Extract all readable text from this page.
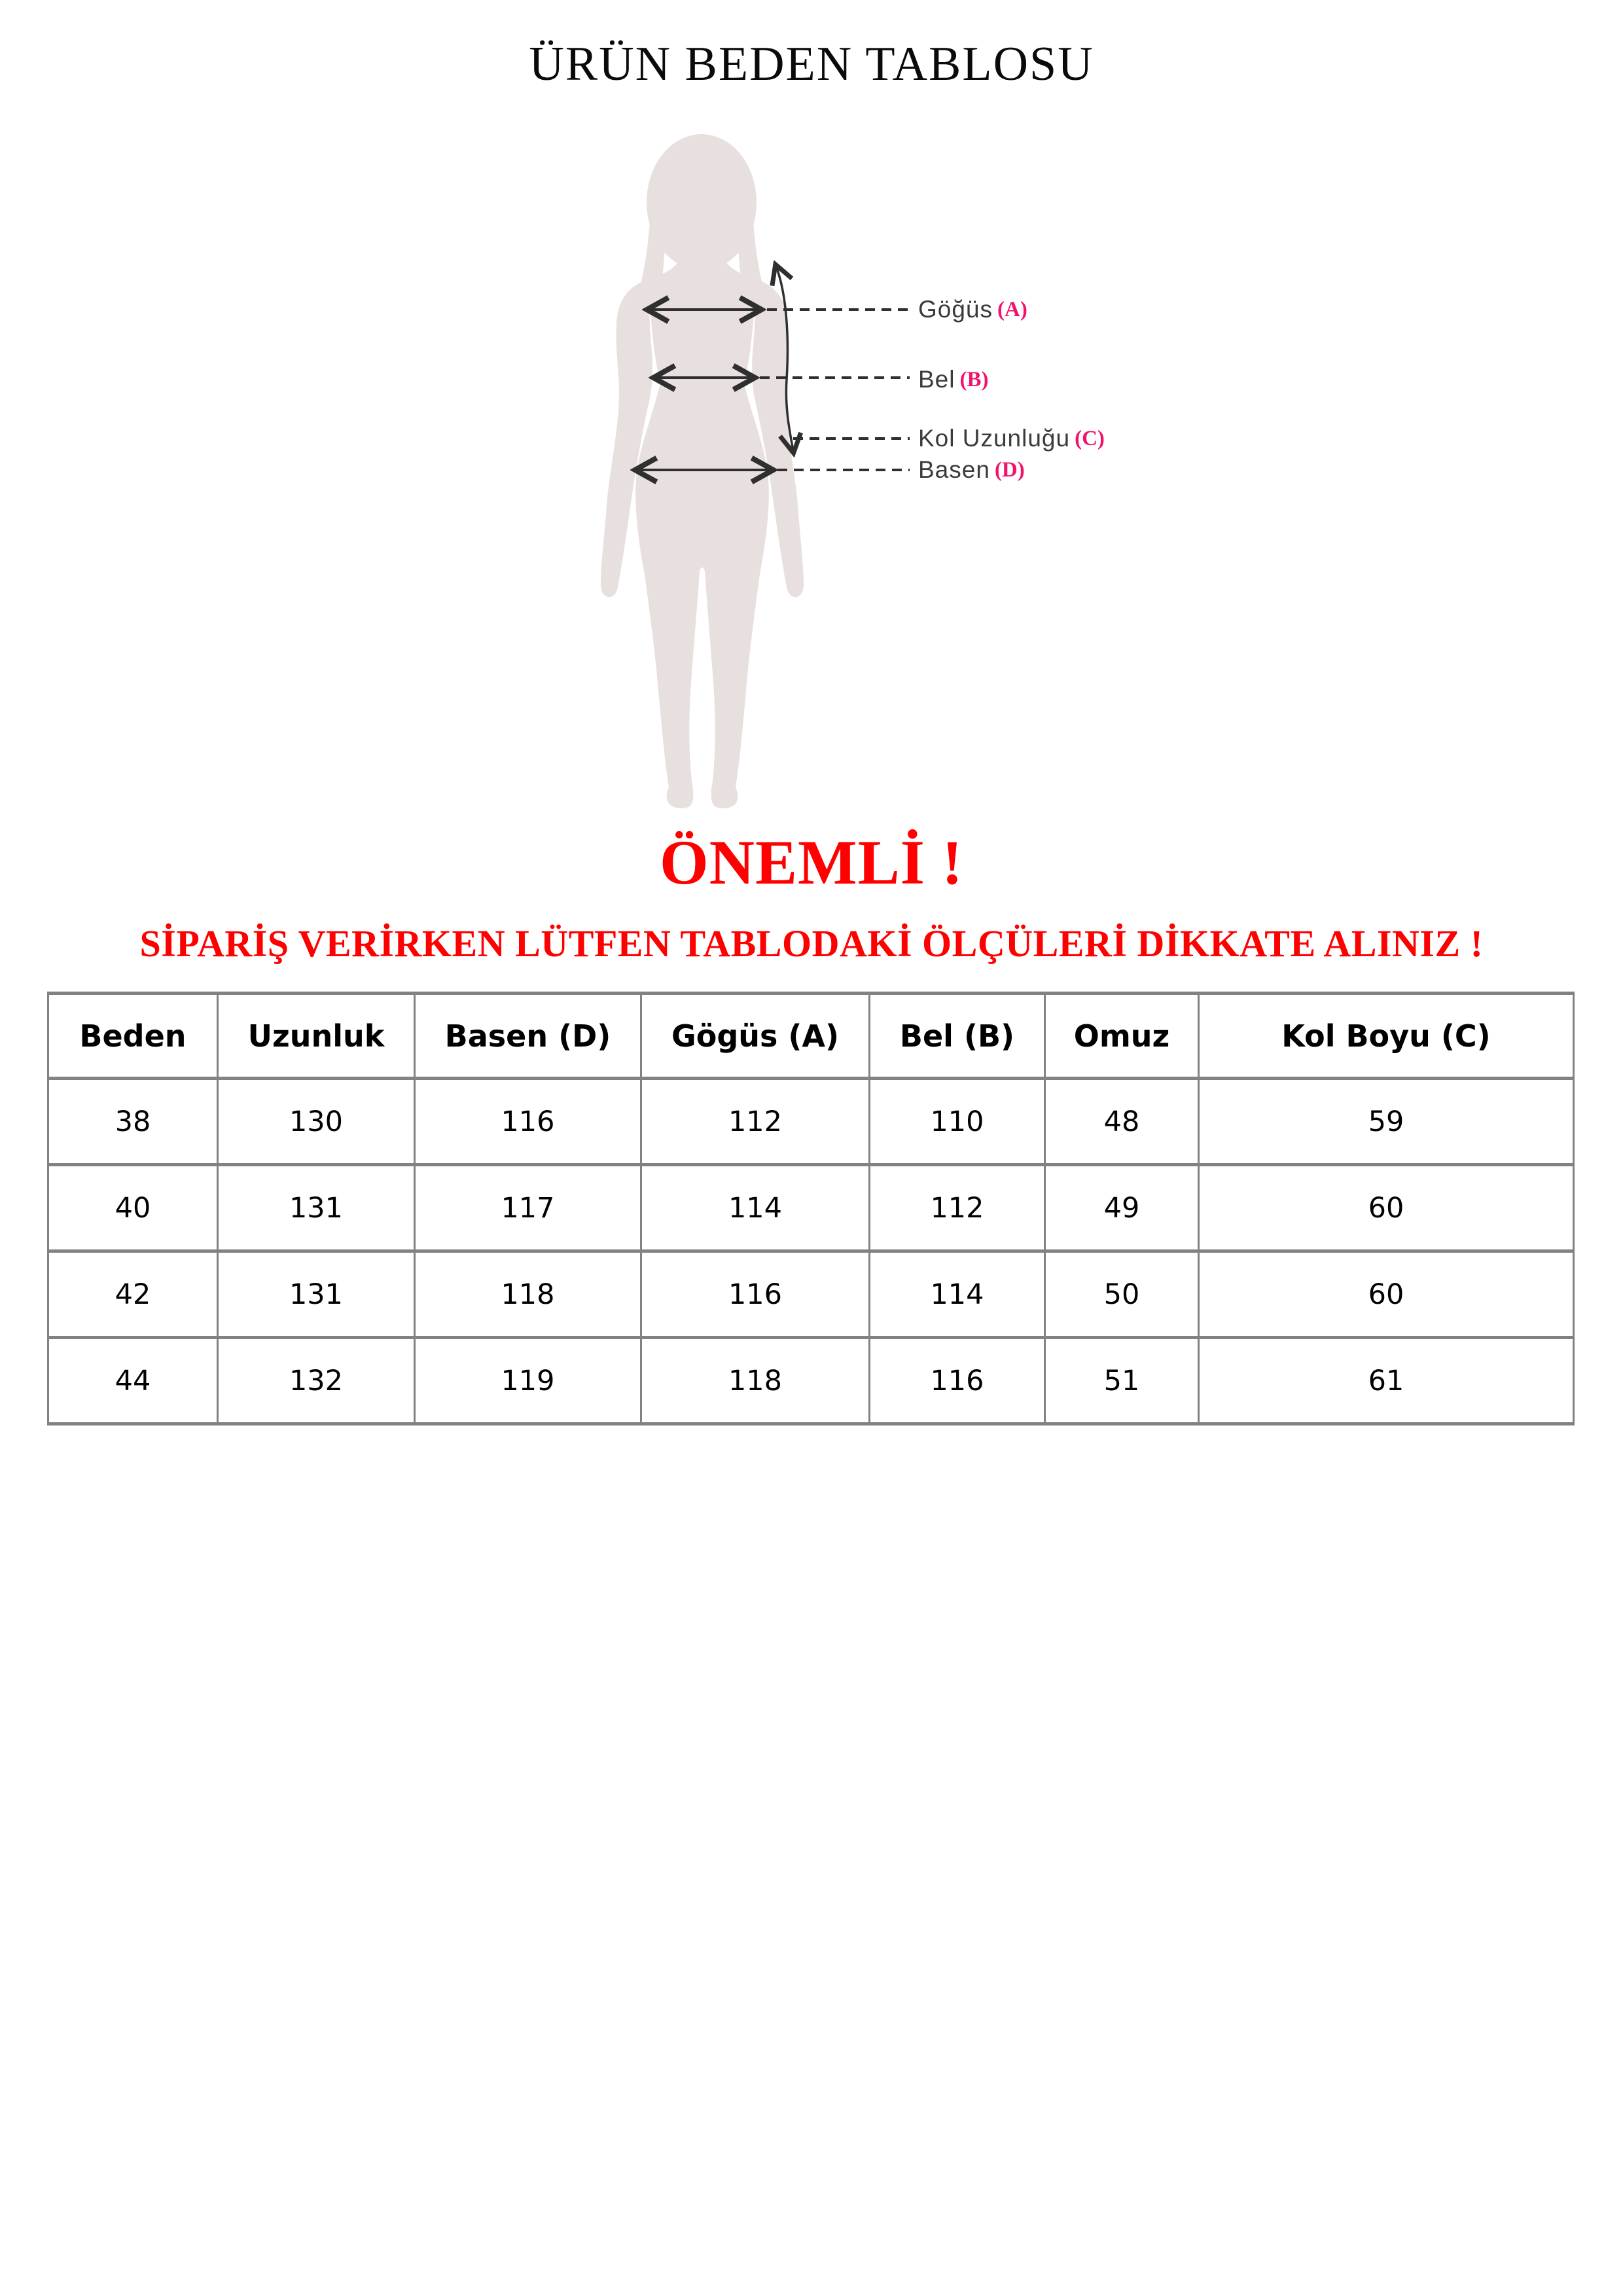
ÜRÜN BEDEN TABLOSU
Göğüs (A)
Bel (B)
Kol Uzunluğu (C)
Basen (D)
ÖNEMLİ !
SİPARİŞ VERİRKEN LÜTFEN TABLODAKİ ÖLÇÜLERİ DİKKATE ALINIZ !
Beden	Uzunluk	Basen (D)	Gögüs (A)	Bel (B)	Omuz	Kol Boyu (C)
38	130	116	112	110	48	59
40	131	117	114	112	49	60
42	131	118	116	114	50	60
44	132	119	118	116	51	61
